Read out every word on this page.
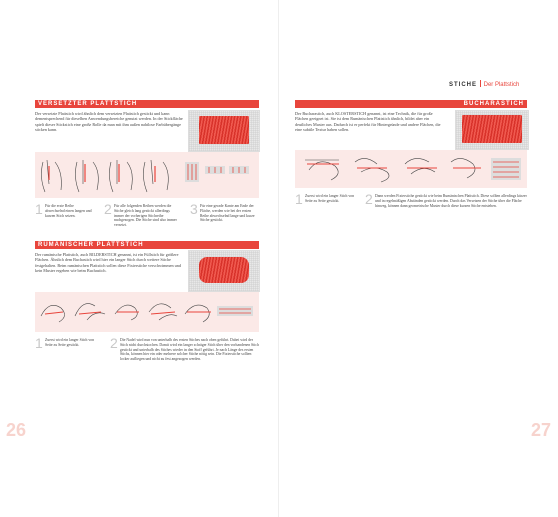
VERSETZTER PLATTSTICH
Der versetzte Plattstich wird ähnlich dem versetzten Plattstich gestickt und kann dementsprechend für dieselben Anwendungsbereiche genutzt werden. In der Stickfläche spielt dieser Stickstich eine große Rolle da man mit ihm außen nahtlose Farbübergänge sticken kann.
1 Für die erste Reihe abwechselnd einen langen und kurzen Stich setzen.	2 Für alle folgenden Reihen werden die Stiche gleich lang gestickt allerdings immer der vorherigen Stichreihe nachgezogen. Die Stiche sind also immer versetzt.
3 Für eine gerade Kante am Ende der Fläche, werden wie bei der ersten Reihe abwechselnd lange und kurze Stiche gestickt.
RUMÄNISCHER PLATTSTICH
Der rumänische Plattstich, auch BILDERSTICH genannt, ist ein Füllstich für größere Flächen. Ähnlich dem Buchastich wird hier ein langer Stich durch weitere Stiche festgehalten. Beim rumänischen Plattstich sollen diese Fixierstiche verschwimmen und kein Muster ergeben wie beim Buchastich.
1 Zuerst wird ein langer Stich von Seite zu Seite gestickt.	2 Die Nadel wird nun von unterhalb des ersten Stiches nach oben geführt. Dabei wird der Stich nicht durchstochen. Damit wird ein langer schräger Stich über den vorhandenen Stich gestickt und unterhalb des Stiches wieder in den Stoff geführt. Je nach Länge des ersten Stichs, können hier ein oder mehrere solcher Stiche nötig sein. Die Fixierstiche sollten locker aufliegen und nicht zu fest angezogen werden.
26
STICHE Der Plattstich
BUCHARASTICH
Der Bucharastich, auch KLOSTERSTICH genannt, ist eine Technik, die für große Flächen geeignet ist. Sie ist dem Rumänischen Plattstich ähnlich, bildet aber ein deutliches Muster aus. Dadurch ist er perfekt für Hintergründe und andere Flächen, die eine subtile Textur haben sollen.
1 Zuerst wird ein langer Stich von Seite zu Seite gestickt.	2 Dann werden Fixierstiche gestickt wie beim Rumänischen Plattstich. Diese sollten allerdings kürzer und in regelmäßigen Abständen gestickt werden. Durch das Versetzen der Stiche über die Fläche hinweg, können dann geometrische Muster durch diese kurzen Stiche entstehen.
27
